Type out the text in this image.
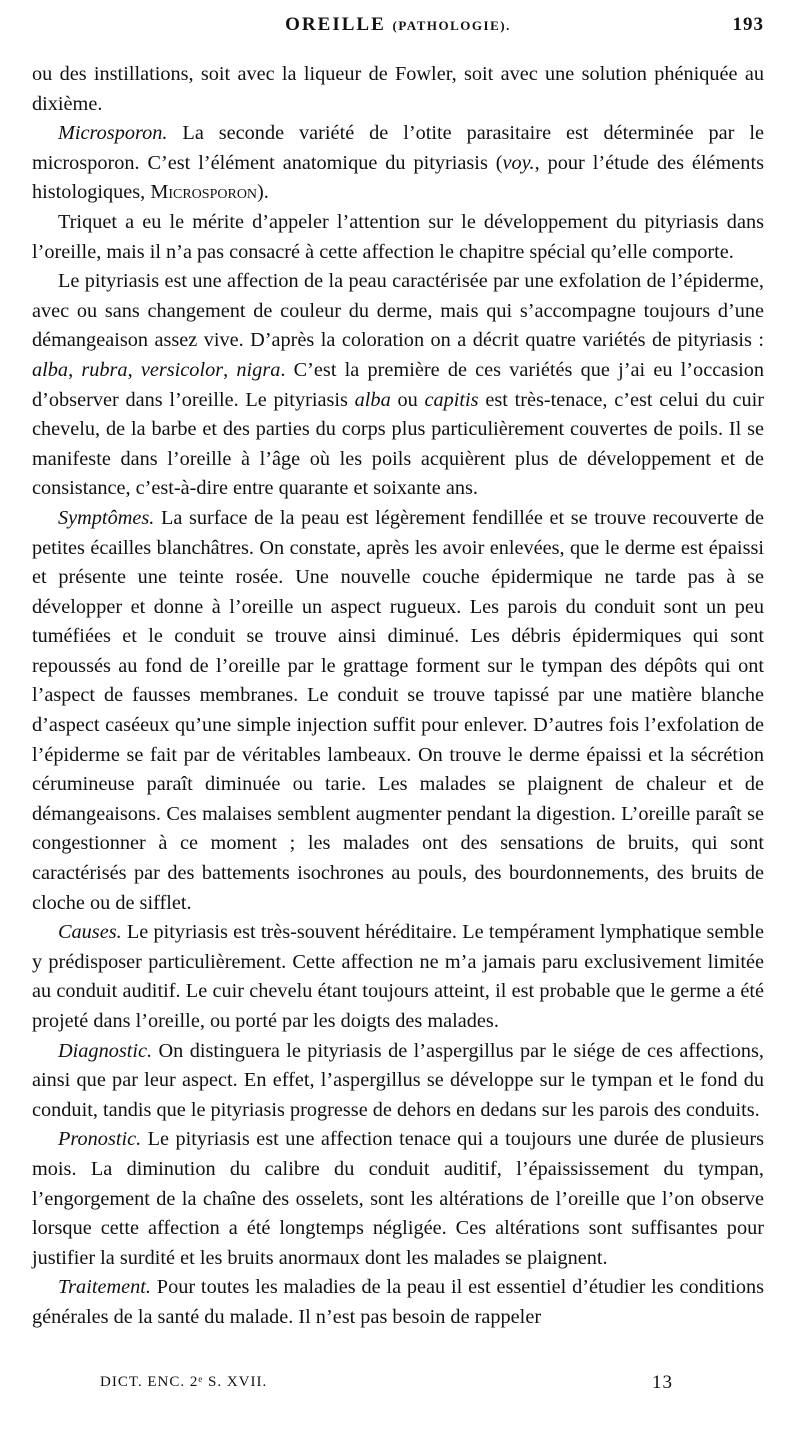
OREILLE (PATHOLOGIE).	193

ou des instillations, soit avec la liqueur de Fowler, soit avec une solution phéniquée au dixième.

Microsporon. La seconde variété de l’otite parasitaire est déterminée par le microsporon. C’est l’élément anatomique du pityriasis (voy., pour l’étude des éléments histologiques, Microsporon).

Triquet a eu le mérite d’appeler l’attention sur le développement du pityriasis dans l’oreille, mais il n’a pas consacré à cette affection le chapitre spécial qu’elle comporte.

Le pityriasis est une affection de la peau caractérisée par une exfolation de l’épiderme, avec ou sans changement de couleur du derme, mais qui s’accompagne toujours d’une démangeaison assez vive. D’après la coloration on a décrit quatre variétés de pityriasis : alba, rubra, versicolor, nigra. C’est la première de ces variétés que j’ai eu l’occasion d’observer dans l’oreille. Le pityriasis alba ou capitis est très-tenace, c’est celui du cuir chevelu, de la barbe et des parties du corps plus particulièrement couvertes de poils. Il se manifeste dans l’oreille à l’âge où les poils acquièrent plus de développement et de consistance, c’est-à-dire entre quarante et soixante ans.

Symptômes. La surface de la peau est légèrement fendillée et se trouve recouverte de petites écailles blanchâtres. On constate, après les avoir enlevées, que le derme est épaissi et présente une teinte rosée. Une nouvelle couche épidermique ne tarde pas à se développer et donne à l’oreille un aspect rugueux. Les parois du conduit sont un peu tuméfiées et le conduit se trouve ainsi diminué. Les débris épidermiques qui sont repoussés au fond de l’oreille par le grattage forment sur le tympan des dépôts qui ont l’aspect de fausses membranes. Le conduit se trouve tapissé par une matière blanche d’aspect caséeux qu’une simple injection suffit pour enlever. D’autres fois l’exfolation de l’épiderme se fait par de véritables lambeaux. On trouve le derme épaissi et la sécrétion cérumineuse paraît diminuée ou tarie. Les malades se plaignent de chaleur et de démangeaisons. Ces malaises semblent augmenter pendant la digestion. L’oreille paraît se congestionner à ce moment ; les malades ont des sensations de bruits, qui sont caractérisés par des battements isochrones au pouls, des bourdonnements, des bruits de cloche ou de sifflet.

Causes. Le pityriasis est très-souvent héréditaire. Le tempérament lymphatique semble y prédisposer particulièrement. Cette affection ne m’a jamais paru exclusivement limitée au conduit auditif. Le cuir chevelu étant toujours atteint, il est probable que le germe a été projeté dans l’oreille, ou porté par les doigts des malades.

Diagnostic. On distinguera le pityriasis de l’aspergillus par le siége de ces affections, ainsi que par leur aspect. En effet, l’aspergillus se développe sur le tympan et le fond du conduit, tandis que le pityriasis progresse de dehors en dedans sur les parois des conduits.

Pronostic. Le pityriasis est une affection tenace qui a toujours une durée de plusieurs mois. La diminution du calibre du conduit auditif, l’épaississement du tympan, l’engorgement de la chaîne des osselets, sont les altérations de l’oreille que l’on observe lorsque cette affection a été longtemps négligée. Ces altérations sont suffisantes pour justifier la surdité et les bruits anormaux dont les malades se plaignent.

Traitement. Pour toutes les maladies de la peau il est essentiel d’étudier les conditions générales de la santé du malade. Il n’est pas besoin de rappeler

DICT. ENC. 2ᵉ S. XVII.	13
